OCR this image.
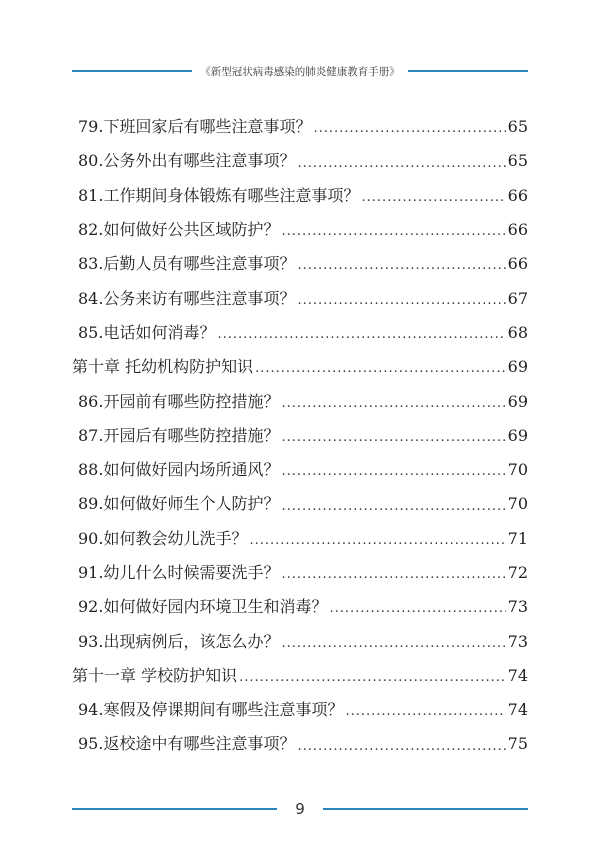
《新型冠状病毒感染的肺炎健康教育手册》
79.下班回家后有哪些注意事项？ .....	65
80.公务外出有哪些注意事项？ .....	65
81.工作期间身体锻炼有哪些注意事项？ .....	66
82.如何做好公共区域防护？ .....	66
83.后勤人员有哪些注意事项？ .....	66
84.公务来访有哪些注意事项？ .....	67
85.电话如何消毒？ .....	68
第十章 托幼机构防护知识 .....	69
86.开园前有哪些防控措施？ .....	69
87.开园后有哪些防控措施？ .....	69
88.如何做好园内场所通风？ .....	70
89.如何做好师生个人防护？ .....	70
90.如何教会幼儿洗手？ .....	71
91.幼儿什么时候需要洗手？ .....	72
92.如何做好园内环境卫生和消毒？ .....	73
93.出现病例后，该怎么办？ .....	73
第十一章 学校防护知识 .....	74
94.寒假及停课期间有哪些注意事项？ .....	74
95.返校途中有哪些注意事项？ .....	75
9
